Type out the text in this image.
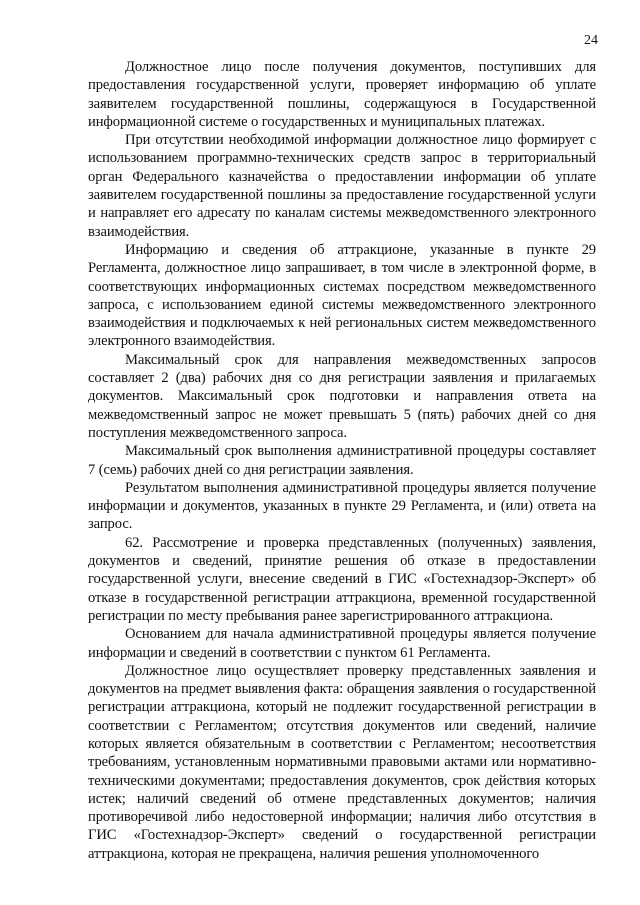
24

Должностное лицо после получения документов, поступивших для предоставления государственной услуги, проверяет информацию об уплате заявителем государственной пошлины, содержащуюся в Государственной информационной системе о государственных и муниципальных платежах.

При отсутствии необходимой информации должностное лицо формирует с использованием программно-технических средств запрос в территориальный орган Федерального казначейства о предоставлении информации об уплате заявителем государственной пошлины за предоставление государственной услуги и направляет его адресату по каналам системы межведомственного электронного взаимодействия.

Информацию и сведения об аттракционе, указанные в пункте 29 Регламента, должностное лицо запрашивает, в том числе в электронной форме, в соответствующих информационных системах посредством межведомственного запроса, с использованием единой системы межведомственного электронного взаимодействия и подключаемых к ней региональных систем межведомственного электронного взаимодействия.

Максимальный срок для направления межведомственных запросов составляет 2 (два) рабочих дня со дня регистрации заявления и прилагаемых документов. Максимальный срок подготовки и направления ответа на межведомственный запрос не может превышать 5 (пять) рабочих дней со дня поступления межведомственного запроса.

Максимальный срок выполнения административной процедуры составляет 7 (семь) рабочих дней со дня регистрации заявления.

Результатом выполнения административной процедуры является получение информации и документов, указанных в пункте 29 Регламента, и (или) ответа на запрос.

62. Рассмотрение и проверка представленных (полученных) заявления, документов и сведений, принятие решения об отказе в предоставлении государственной услуги, внесение сведений в ГИС «Гостехнадзор-Эксперт» об отказе в государственной регистрации аттракциона, временной государственной регистрации по месту пребывания ранее зарегистрированного аттракциона.

Основанием для начала административной процедуры является получение информации и сведений в соответствии с пунктом 61 Регламента.

Должностное лицо осуществляет проверку представленных заявления и документов на предмет выявления факта: обращения заявления о государственной регистрации аттракциона, который не подлежит государственной регистрации в соответствии с Регламентом; отсутствия документов или сведений, наличие которых является обязательным в соответствии с Регламентом; несоответствия требованиям, установленным нормативными правовыми актами или нормативно-техническими документами; предоставления документов, срок действия которых истек; наличий сведений об отмене представленных документов; наличия противоречивой либо недостоверной информации; наличия либо отсутствия в ГИС «Гостехнадзор-Эксперт» сведений о государственной регистрации аттракциона, которая не прекращена, наличия решения уполномоченного
